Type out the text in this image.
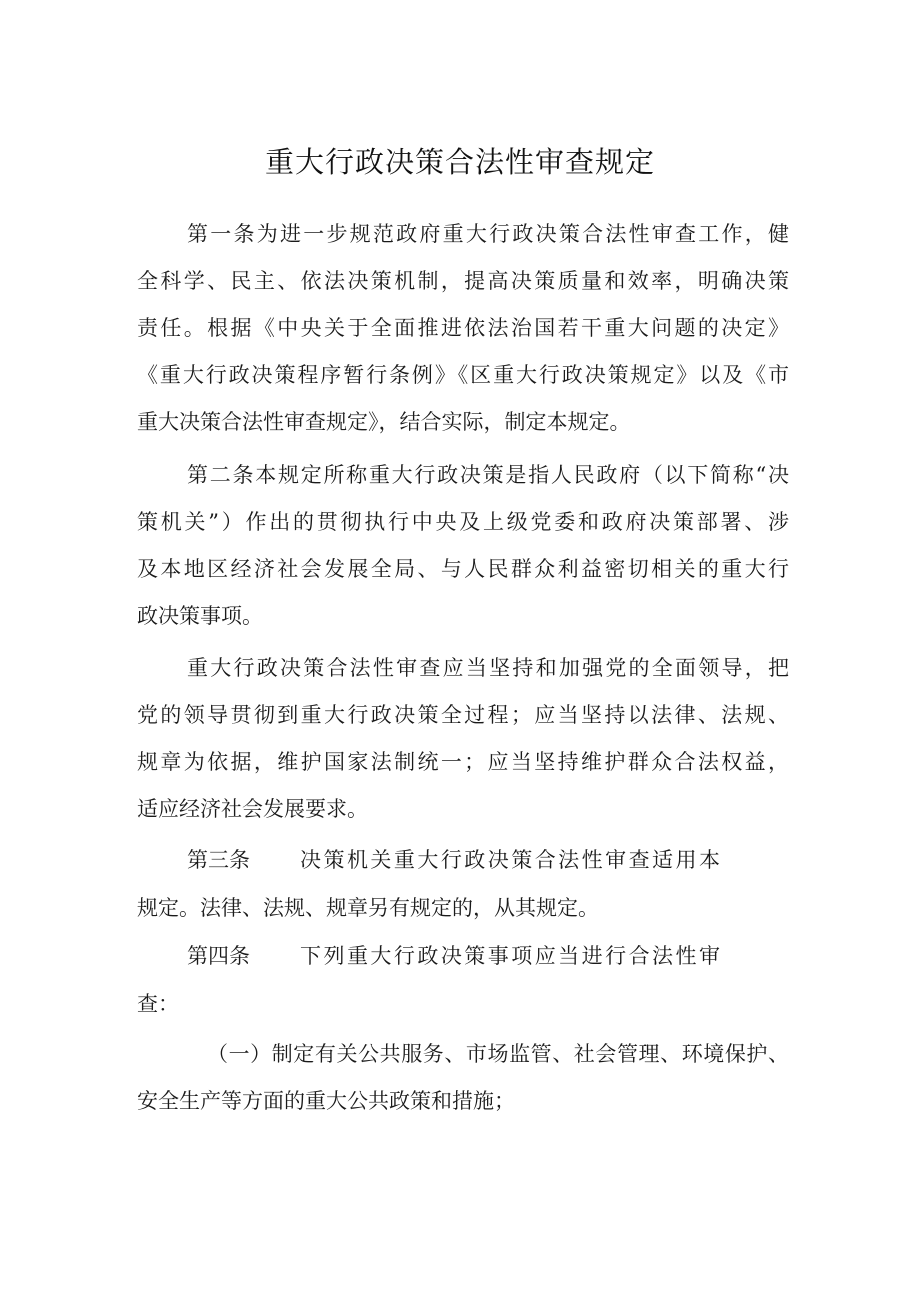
重大行政决策合法性审查规定
第一条为进一步规范政府重大行政决策合法性审查工作，健
全科学、民主、依法决策机制，提高决策质量和效率，明确决策
责任。根据《中央关于全面推进依法治国若干重大问题的决定》
《重大行政决策程序暂行条例》《区重大行政决策规定》以及《市
重大决策合法性审查规定》，结合实际，制定本规定。
第二条本规定所称重大行政决策是指人民政府（以下简称“决
策机关”）作出的贯彻执行中央及上级党委和政府决策部署、涉
及本地区经济社会发展全局、与人民群众利益密切相关的重大行
政决策事项。
重大行政决策合法性审查应当坚持和加强党的全面领导，把
党的领导贯彻到重大行政决策全过程；应当坚持以法律、法规、
规章为依据，维护国家法制统一；应当坚持维护群众合法权益，
适应经济社会发展要求。
第三条 决策机关重大行政决策合法性审查适用本
规定。法律、法规、规章另有规定的，从其规定。
第四条 下列重大行政决策事项应当进行合法性审
查：
（一）制定有关公共服务、市场监管、社会管理、环境保护、
安全生产等方面的重大公共政策和措施；
